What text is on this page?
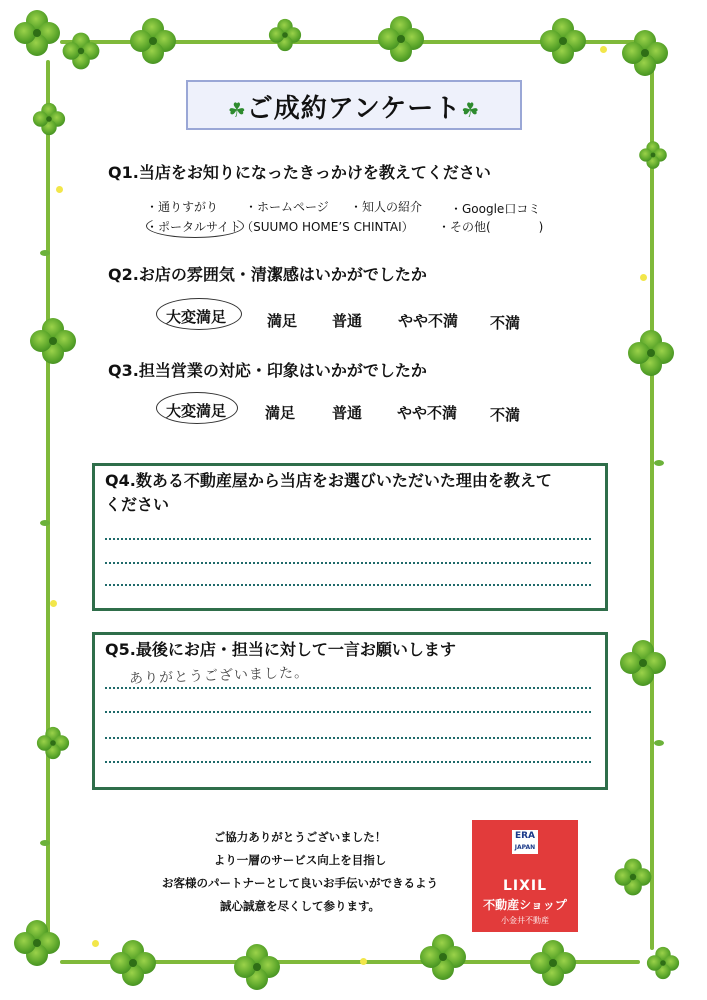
☘ご成約アンケート☘
Q1.当店をお知りになったきっかけを教えてください
・通りすがり ・ホームページ ・知人の紹介 ・Google口コミ
・ポータルサイト（SUUMO HOME’S CHINTAI） ・その他(　　　　)
Q2.お店の雰囲気・清潔感はいかがでしたか
大変満足	満足 普通 やや不満 不満
Q3.担当営業の対応・印象はいかがでしたか
大変満足	満足 普通 やや不満 不満
Q4.数ある不動産屋から当店をお選びいただいた理由を教えて
ください
Q5.最後にお店・担当に対して一言お願いします
ありがとうございました。
ご協力ありがとうございました！
より一層のサービス向上を目指し
お客様のパートナーとして良いお手伝いができるよう
誠心誠意を尽くして参ります。
ERA
JAPAN
LIXIL
不動産ショップ
小金井不動産
